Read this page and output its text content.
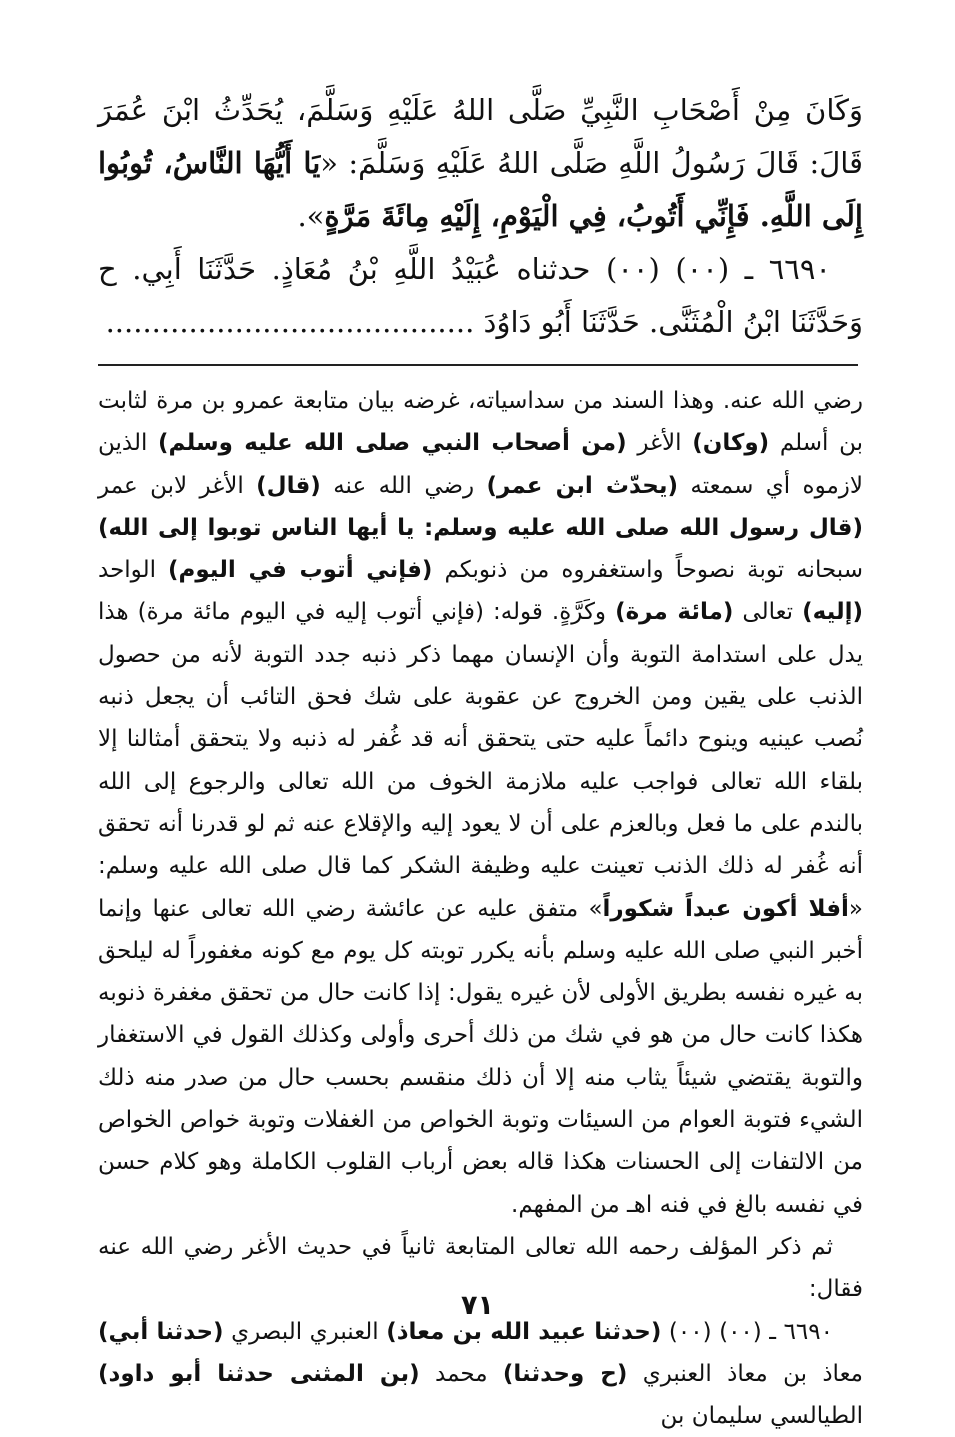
وَكَانَ مِنْ أَصْحَابِ النَّبِيِّ صَلَّى اللهُ عَلَيْهِ وَسَلَّمَ، يُحَدِّثُ ابْنَ عُمَرَ قَالَ: قَالَ رَسُولُ اللَّهِ صَلَّى اللهُ عَلَيْهِ وَسَلَّمَ: «يَا أَيُّهَا النَّاسُ، تُوبُوا إِلَى اللَّهِ. فَإِنِّي أَتُوبُ، فِي الْيَوْمِ، إِلَيْهِ مِائَةَ مَرَّةٍ».

٦٦٩٠ ـ (٠٠) (٠٠) حدثناه عُبَيْدُ اللَّهِ بْنُ مُعَاذٍ. حَدَّثَنَا أَبِي. ح وَحَدَّثَنَا ابْنُ الْمُثَنَّى. حَدَّثَنَا أَبُو دَاوُدَ ........................................

رضي الله عنه. وهذا السند من سداسياته، غرضه بيان متابعة عمرو بن مرة لثابت بن أسلم (وكان) الأغر (من أصحاب النبي صلى الله عليه وسلم) الذين لازموه أي سمعته (يحدّث ابن عمر) رضي الله عنه (قال) الأغر لابن عمر (قال رسول الله صلى الله عليه وسلم: يا أيها الناس توبوا إلى الله) سبحانه توبة نصوحاً واستغفروه من ذنوبكم (فإني أتوب في اليوم) الواحد (إليه) تعالى (مائة مرة) وكَرَّةٍ. قوله: (فإني أتوب إليه في اليوم مائة مرة) هذا يدل على استدامة التوبة وأن الإنسان مهما ذكر ذنبه جدد التوبة لأنه من حصول الذنب على يقين ومن الخروج عن عقوبة على شك فحق التائب أن يجعل ذنبه نُصب عينيه وينوح دائماً عليه حتى يتحقق أنه قد غُفر له ذنبه ولا يتحقق أمثالنا إلا بلقاء الله تعالى فواجب عليه ملازمة الخوف من الله تعالى والرجوع إلى الله بالندم على ما فعل وبالعزم على أن لا يعود إليه والإقلاع عنه ثم لو قدرنا أنه تحقق أنه غُفر له ذلك الذنب تعينت عليه وظيفة الشكر كما قال صلى الله عليه وسلم: «أفلا أكون عبداً شكوراً» متفق عليه عن عائشة رضي الله تعالى عنها وإنما أخبر النبي صلى الله عليه وسلم بأنه يكرر توبته كل يوم مع كونه مغفوراً له ليلحق به غيره نفسه بطريق الأولى لأن غيره يقول: إذا كانت حال من تحقق مغفرة ذنوبه هكذا كانت حال من هو في شك من ذلك أحرى وأولى وكذلك القول في الاستغفار والتوبة يقتضي شيئاً يثاب منه إلا أن ذلك منقسم بحسب حال من صدر منه ذلك الشيء فتوبة العوام من السيئات وتوبة الخواص من الغفلات وتوبة خواص الخواص من الالتفات إلى الحسنات هكذا قاله بعض أرباب القلوب الكاملة وهو كلام حسن في نفسه بالغ في فنه اهـ من المفهم.

ثم ذكر المؤلف رحمه الله تعالى المتابعة ثانياً في حديث الأغر رضي الله عنه فقال:

٦٦٩٠ ـ (٠٠) (٠٠) (حدثنا عبيد الله بن معاذ) العنبري البصري (حدثنا أبي) معاذ بن معاذ العنبري (ح وحدثنا) محمد (بن المثنى حدثنا أبو داود) الطيالسي سليمان بن

٧١
